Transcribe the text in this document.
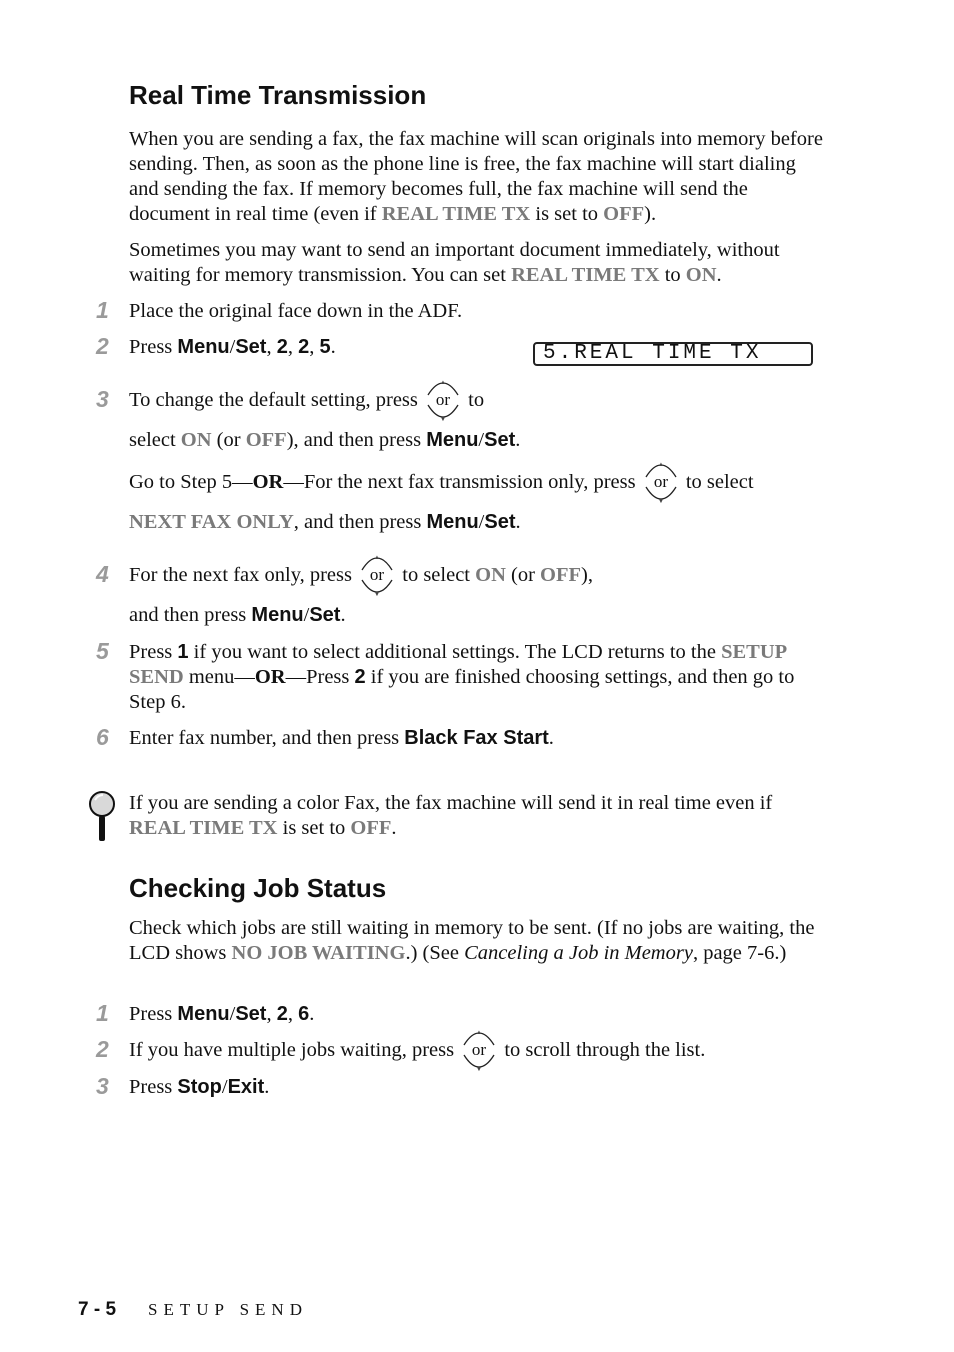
Real Time Transmission
When you are sending a fax, the fax machine will scan originals into memory before sending. Then, as soon as the phone line is free, the fax machine will start dialing and sending the fax. If memory becomes full, the fax machine will send the document in real time (even if REAL TIME TX is set to OFF).
Sometimes you may want to send an important document immediately, without waiting for memory transmission. You can set REAL TIME TX to ON.
1 Place the original face down in the ADF.
2 Press Menu/Set, 2, 2, 5.	5.REAL TIME TX
3 To change the default setting, press
▲
▼
or to
select ON (or OFF), and then press Menu/Set.
Go to Step 5—OR—For the next fax transmission only, press
▲
▼
or to select
NEXT FAX ONLY, and then press Menu/Set.
4 For the next fax only, press
▲
▼
or to select ON (or OFF),
and then press Menu/Set.
5 Press 1 if you want to select additional settings. The LCD returns to the SETUP SEND menu—OR—Press 2 if you are finished choosing settings, and then go to Step 6.
6 Enter fax number, and then press Black Fax Start.
If you are sending a color Fax, the fax machine will send it in real time even if REAL TIME TX is set to OFF.
Checking Job Status
Check which jobs are still waiting in memory to be sent. (If no jobs are waiting, the LCD shows NO JOB WAITING.) (See Canceling a Job in Memory, page 7-6.)
1 Press Menu/Set, 2, 6.
2 If you have multiple jobs waiting, press
▲
▼
or to scroll through the list.
3 Press Stop/Exit.
7 - 5 SETUP SEND
